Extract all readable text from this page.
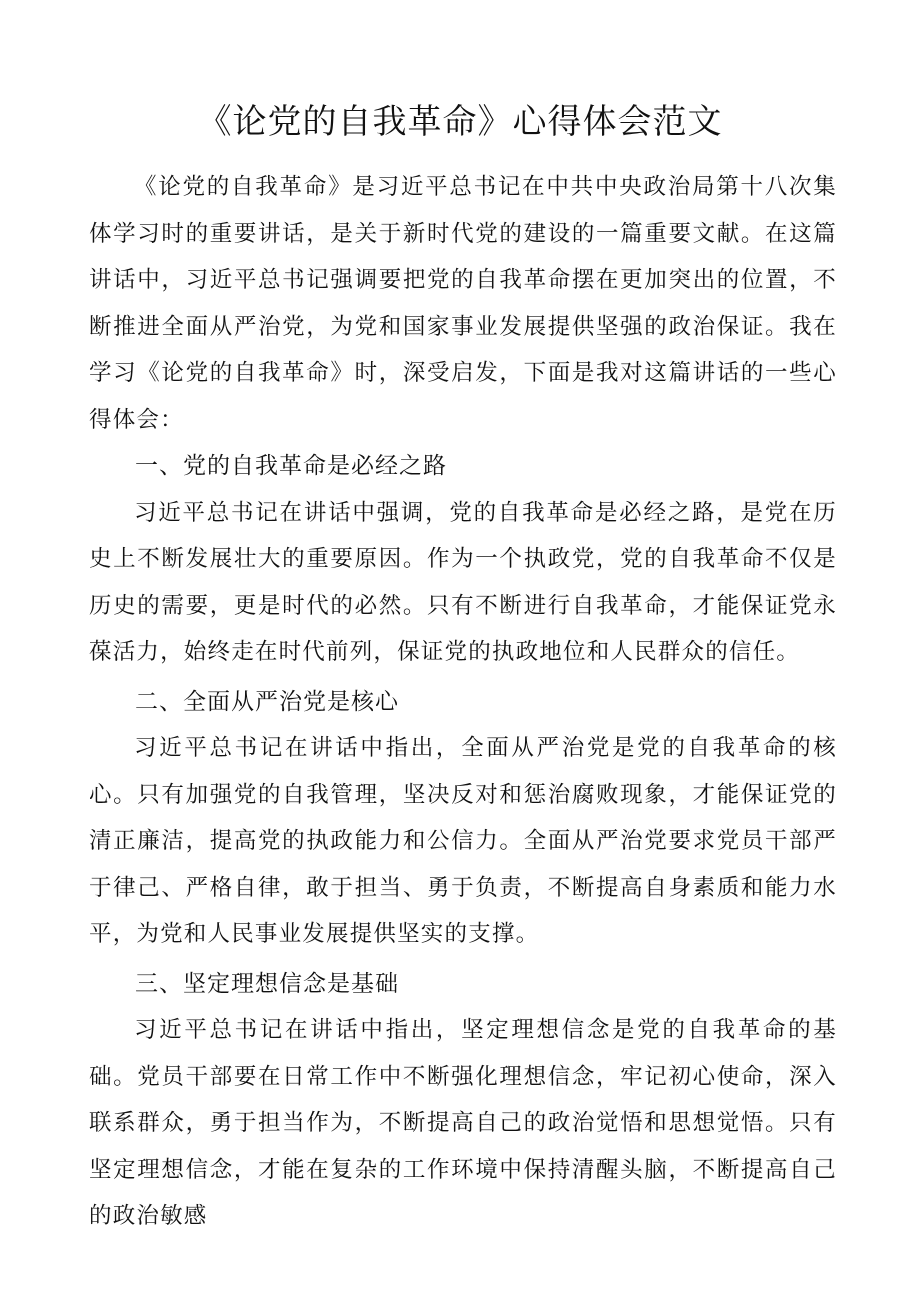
《论党的自我革命》心得体会范文

《论党的自我革命》是习近平总书记在中共中央政治局第十八次集体学习时的重要讲话，是关于新时代党的建设的一篇重要文献。在这篇讲话中，习近平总书记强调要把党的自我革命摆在更加突出的位置，不断推进全面从严治党，为党和国家事业发展提供坚强的政治保证。我在学习《论党的自我革命》时，深受启发，下面是我对这篇讲话的一些心得体会：

一、党的自我革命是必经之路

习近平总书记在讲话中强调，党的自我革命是必经之路，是党在历史上不断发展壮大的重要原因。作为一个执政党，党的自我革命不仅是历史的需要，更是时代的必然。只有不断进行自我革命，才能保证党永葆活力，始终走在时代前列，保证党的执政地位和人民群众的信任。

二、全面从严治党是核心

习近平总书记在讲话中指出，全面从严治党是党的自我革命的核心。只有加强党的自我管理，坚决反对和惩治腐败现象，才能保证党的清正廉洁，提高党的执政能力和公信力。全面从严治党要求党员干部严于律己、严格自律，敢于担当、勇于负责，不断提高自身素质和能力水平，为党和人民事业发展提供坚实的支撑。

三、坚定理想信念是基础

习近平总书记在讲话中指出，坚定理想信念是党的自我革命的基础。党员干部要在日常工作中不断强化理想信念，牢记初心使命，深入联系群众，勇于担当作为，不断提高自己的政治觉悟和思想觉悟。只有坚定理想信念，才能在复杂的工作环境中保持清醒头脑，不断提高自己的政治敏感
